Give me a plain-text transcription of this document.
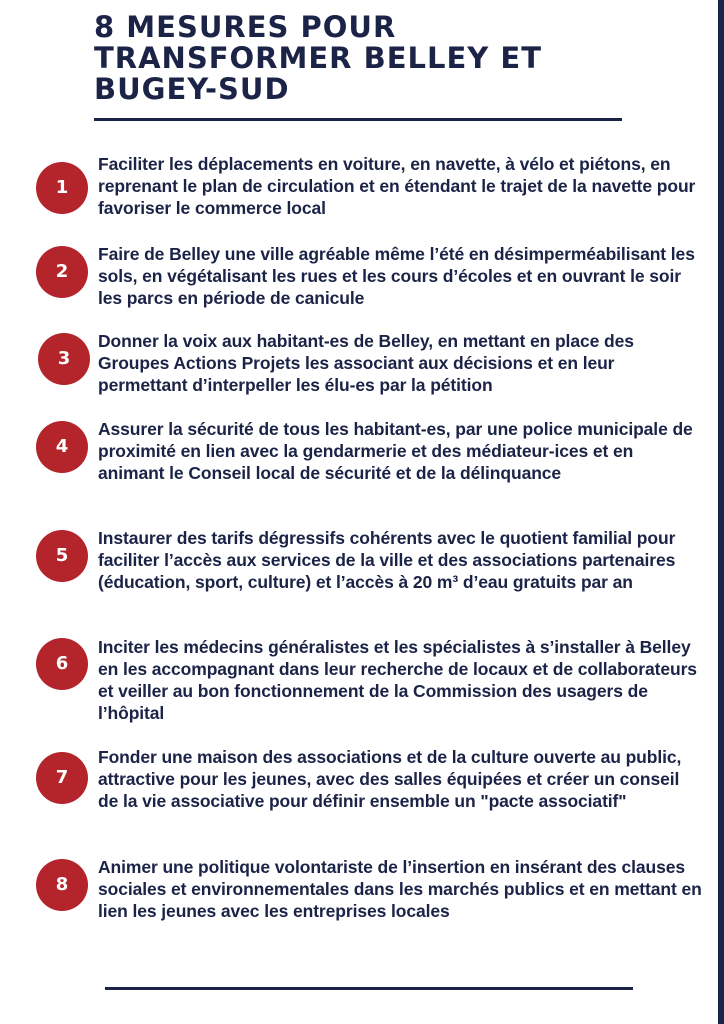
8 MESURES POUR TRANSFORMER BELLEY ET BUGEY-SUD
1
Faciliter les déplacements en voiture, en navette, à vélo et piétons, en reprenant le plan de circulation et en étendant le trajet de la navette pour favoriser le commerce local
2
Faire de Belley une ville agréable même l’été en désimperméabilisant les sols, en végétalisant les rues et les cours d’écoles et en ouvrant le soir les parcs en période de canicule
3
Donner la voix aux habitant-es de Belley, en mettant en place des Groupes Actions Projets les associant aux décisions et en leur permettant d’interpeller les élu-es par la pétition
4
Assurer la sécurité de tous les habitant-es, par une police municipale de proximité en lien avec la gendarmerie et des médiateur-ices et en animant le Conseil local de sécurité et de la délinquance
5
Instaurer des tarifs dégressifs cohérents avec le quotient familial pour faciliter l’accès aux services de la ville et des associations partenaires (éducation, sport, culture) et l’accès à 20 m³ d’eau gratuits par an
6
Inciter les médecins généralistes et les spécialistes à s’installer à Belley en les accompagnant dans leur recherche de locaux et de collaborateurs et veiller au bon fonctionnement de la Commission des usagers de l’hôpital
7
Fonder une maison des associations et de la culture ouverte au public, attractive pour les jeunes, avec des salles équipées et créer un conseil de la vie associative pour définir ensemble un "pacte associatif"
8
Animer une politique volontariste de l’insertion en insérant des clauses sociales et environnementales dans les marchés publics et en mettant en lien les jeunes avec les entreprises locales
